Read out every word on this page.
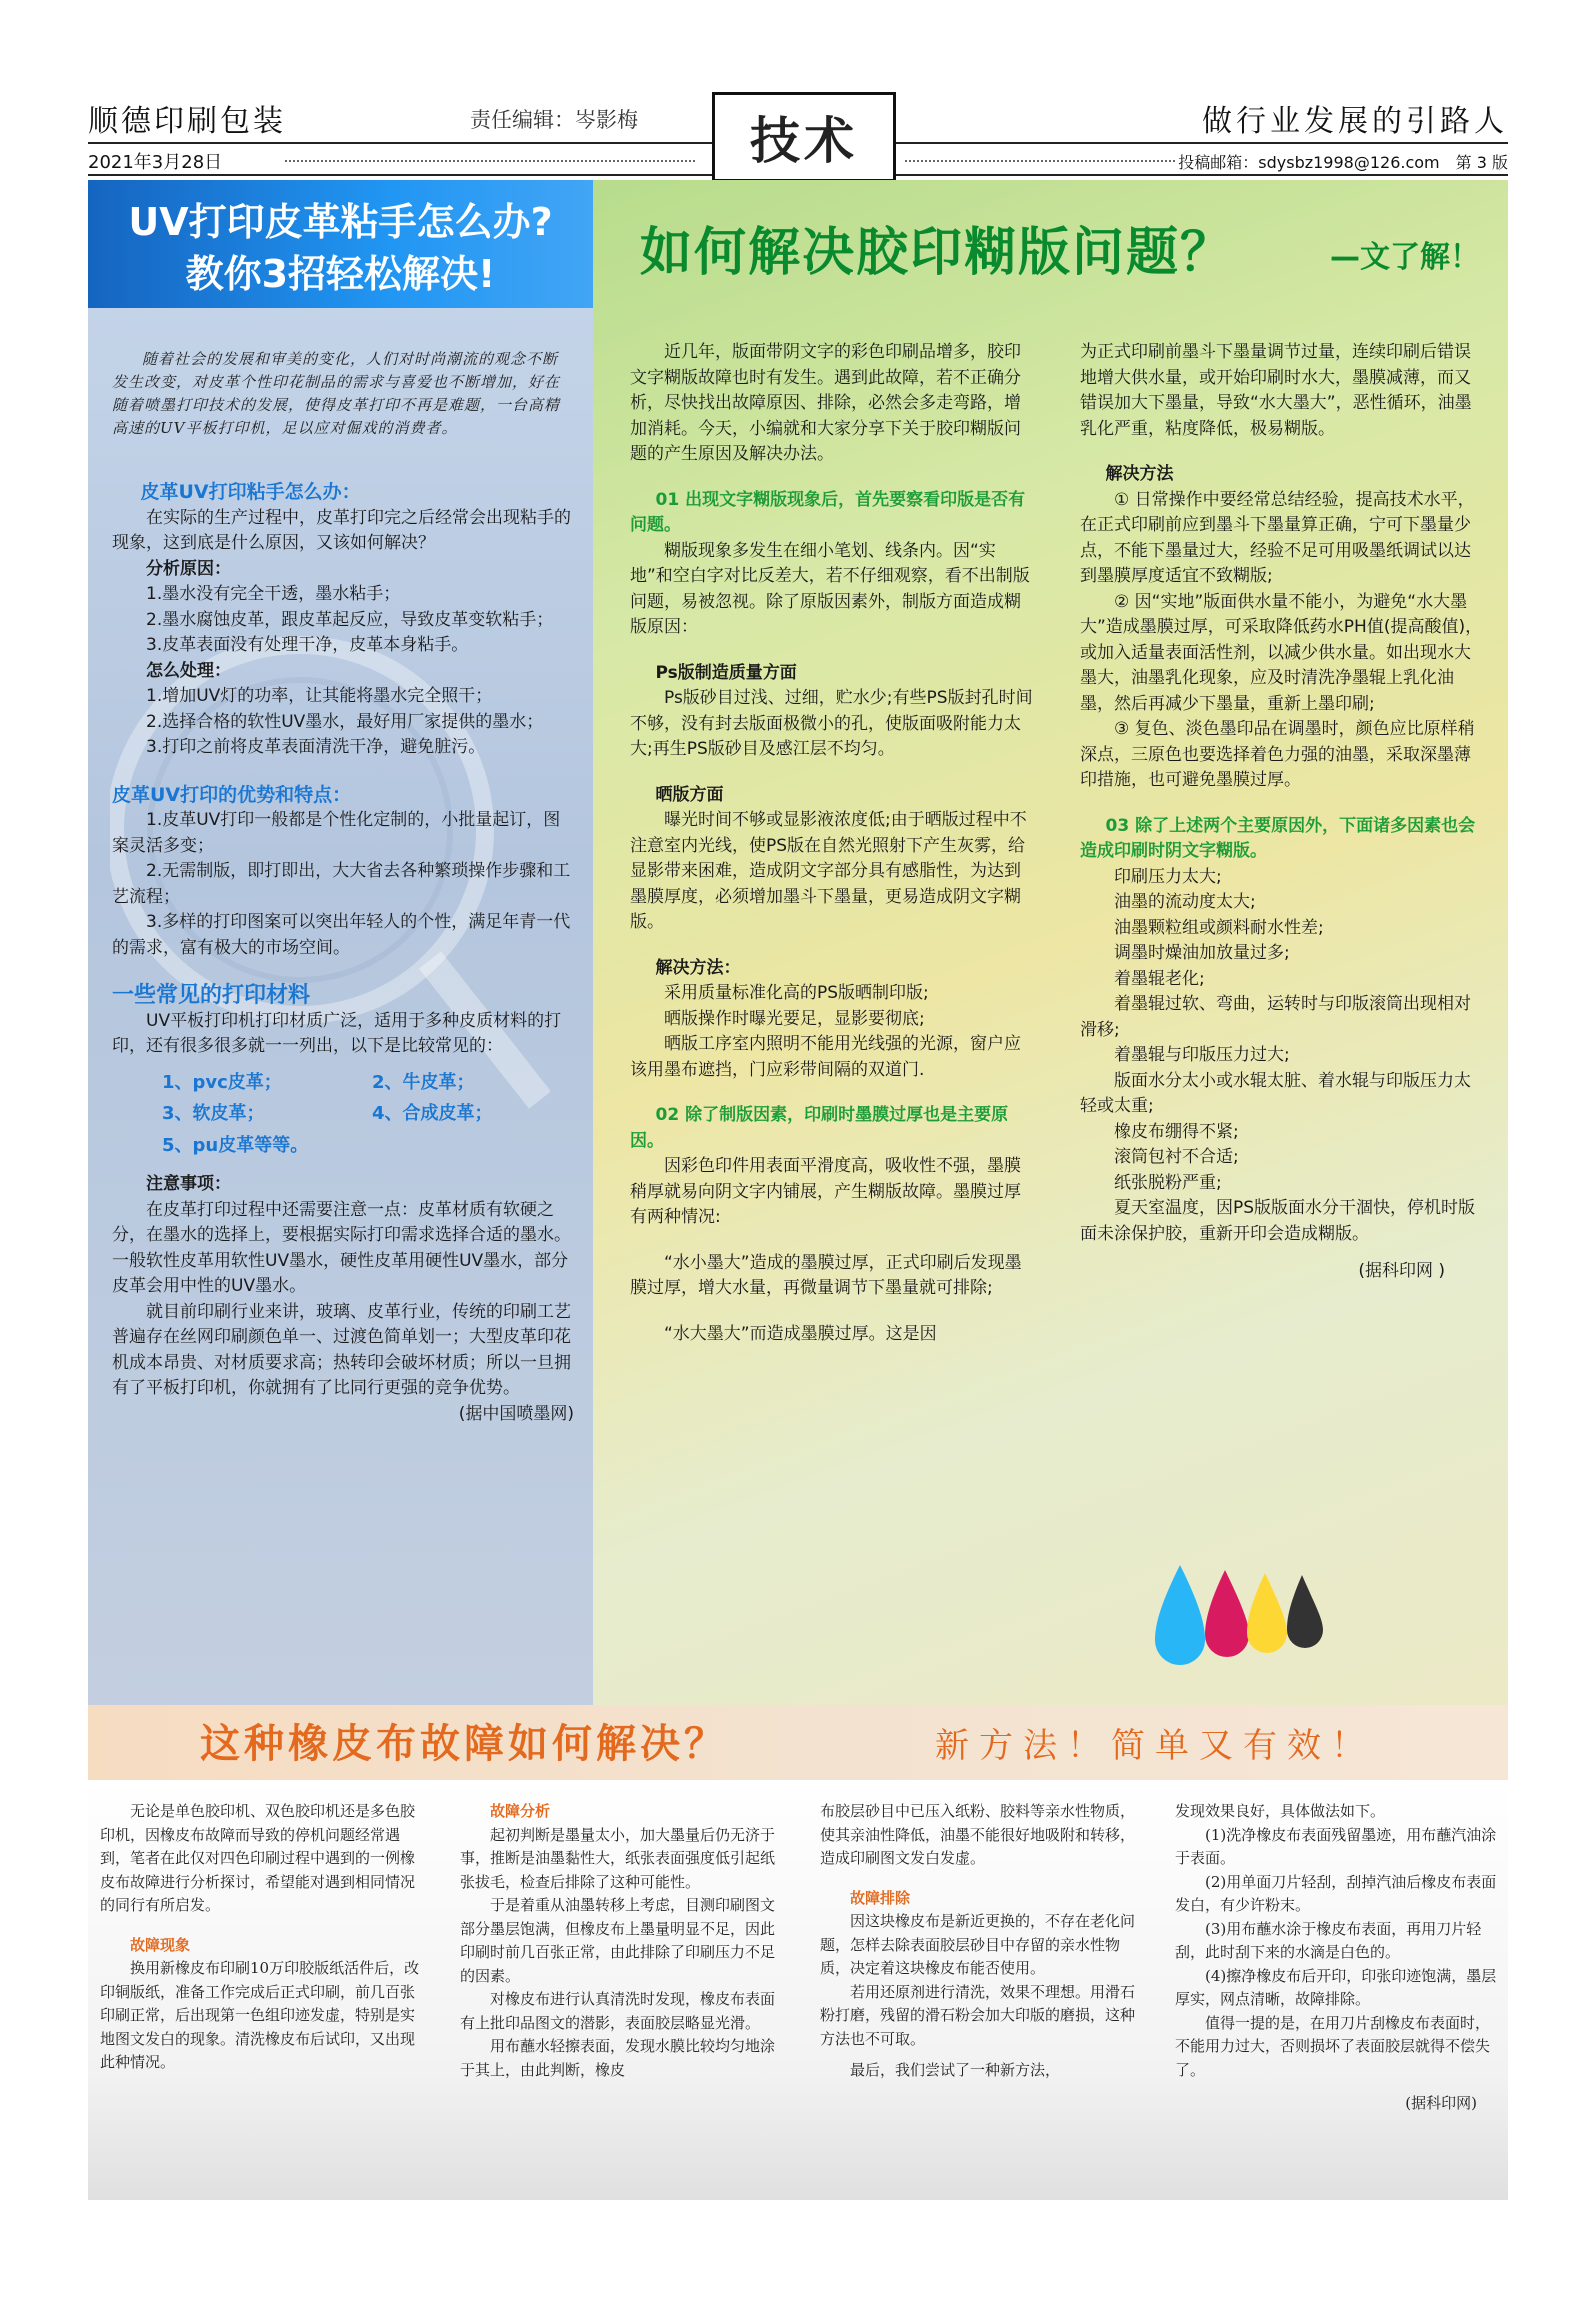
顺德印刷包装	责任编辑：岑影梅	做行业发展的引路人
2021年3月28日	投稿邮箱：sdysbz1998@126.com　第 3 版
技术
UV打印皮革粘手怎么办?
教你3招轻松解决!
随着社会的发展和审美的变化，人们对时尚潮流的观念不断发生改变，对皮革个性印花制品的需求与喜爱也不断增加，好在随着喷墨打印技术的发展，使得皮革打印不再是难题，一台高精高速的UV平板打印机，足以应对倔戏的消费者。

皮革UV打印粘手怎么办：

在实际的生产过程中，皮革打印完之后经常会出现粘手的现象，这到底是什么原因，又该如何解决？

分析原因：

1.墨水没有完全干透，墨水粘手；

2.墨水腐蚀皮革，跟皮革起反应，导致皮革变软粘手；

3.皮革表面没有处理干净，皮革本身粘手。

怎么处理：

1.增加UV灯的功率，让其能将墨水完全照干；

2.选择合格的软性UV墨水，最好用厂家提供的墨水；

3.打印之前将皮革表面清洗干净，避免脏污。

皮革UV打印的优势和特点：

1.皮革UV打印一般都是个性化定制的，小批量起订，图案灵活多变；

2.无需制版，即打即出，大大省去各种繁琐操作步骤和工艺流程；

3.多样的打印图案可以突出年轻人的个性，满足年青一代的需求，富有极大的市场空间。

一些常见的打印材料

UV平板打印机打印材质广泛，适用于多种皮质材料的打印，还有很多很多就一一列出，以下是比较常见的：

1、pvc皮革；	2、牛皮革；
3、软皮革；	4、合成皮革；
5、pu皮革等等。

注意事项：

在皮革打印过程中还需要注意一点：皮革材质有软硬之分，在墨水的选择上，要根据实际打印需求选择合适的墨水。一般软性皮革用软性UV墨水，硬性皮革用硬性UV墨水，部分皮革会用中性的UV墨水。

就目前印刷行业来讲，玻璃、皮革行业，传统的印刷工艺普遍存在丝网印刷颜色单一、过渡色简单划一；大型皮革印花机成本昂贵、对材质要求高；热转印会破坏材质；所以一旦拥有了平板打印机，你就拥有了比同行更强的竞争优势。

(据中国喷墨网)

如何解决胶印糊版问题？	—文了解！

近几年，版面带阴文字的彩色印刷品增多，胶印文字糊版故障也时有发生。遇到此故障，若不正确分析，尽快找出故障原因、排除，必然会多走弯路，增加消耗。今天，小编就和大家分享下关于胶印糊版问题的产生原因及解决办法。

01 出现文字糊版现象后，首先要察看印版是否有问题。

糊版现象多发生在细小笔划、线条内。因“实地”和空白字对比反差大，若不仔细观察，看不出制版问题，易被忽视。除了原版因素外，制版方面造成糊版原因：

Ps版制造质量方面

Ps版砂目过浅、过细，贮水少;有些PS版封孔时间不够，没有封去版面极微小的孔，使版面吸附能力太大;再生PS版砂目及感江层不均匀。

晒版方面

曝光时间不够或显影液浓度低;由于晒版过程中不注意室内光线，使PS版在自然光照射下产生灰雾，给显影带来困难，造成阴文字部分具有感脂性，为达到墨膜厚度，必须增加墨斗下墨量，更易造成阴文字糊版。

解决方法：

采用质量标准化高的PS版晒制印版;

晒版操作时曝光要足，显影要彻底;

晒版工序室内照明不能用光线强的光源，窗户应该用墨布遮挡，门应彩带间隔的双道门.

02 除了制版因素，印刷时墨膜过厚也是主要原因。

因彩色印件用表面平滑度高，吸收性不强，墨膜稍厚就易向阴文字内铺展，产生糊版故障。墨膜过厚有两种情况:

“水小墨大”造成的墨膜过厚，正式印刷后发现墨膜过厚，增大水量，再微量调节下墨量就可排除;

“水大墨大”而造成墨膜过厚。这是因

为正式印刷前墨斗下墨量调节过量，连续印刷后错误地增大供水量，或开始印刷时水大，墨膜减薄，而又错误加大下墨量，导致“水大墨大”，恶性循环，油墨乳化严重，粘度降低，极易糊版。

解决方法

① 日常操作中要经常总结经验，提高技术水平，在正式印刷前应到墨斗下墨量算正确，宁可下墨量少点，不能下墨量过大，经验不足可用吸墨纸调试以达到墨膜厚度适宜不致糊版;

② 因“实地”版面供水量不能小，为避免“水大墨大”造成墨膜过厚，可采取降低药水PH值(提高酸值)，或加入适量表面活性剂，以减少供水量。如出现水大墨大，油墨乳化现象，应及时清洗净墨辊上乳化油墨，然后再减少下墨量，重新上墨印刷;

③ 复色、淡色墨印品在调墨时，颜色应比原样稍深点，三原色也要选择着色力强的油墨，采取深墨薄印措施，也可避免墨膜过厚。

03 除了上述两个主要原因外，下面诸多因素也会造成印刷时阴文字糊版。

印刷压力太大;

油墨的流动度太大;

油墨颗粒组或颜料耐水性差;

调墨时燥油加放量过多;

着墨辊老化;

着墨辊过软、弯曲，运转时与印版滚筒出现相对滑移;

着墨辊与印版压力过大;

版面水分太小或水辊太脏、着水辊与印版压力太轻或太重;

橡皮布绷得不紧;

滚筒包衬不合适;

纸张脱粉严重;

夏天室温度，因PS版版面水分干涸快，停机时版面未涂保护胶，重新开印会造成糊版。

(据科印网 )

这种橡皮布故障如何解决？	新方法！简单又有效！

无论是单色胶印机、双色胶印机还是多色胶印机，因橡皮布故障而导致的停机问题经常遇到，笔者在此仅对四色印刷过程中遇到的一例橡皮布故障进行分析探讨，希望能对遇到相同情况的同行有所启发。

故障现象

换用新橡皮布印刷10万印胶版纸活件后，改印铜版纸，准备工作完成后正式印刷，前几百张印刷正常，后出现第一色组印迹发虚，特别是实地图文发白的现象。清洗橡皮布后试印，又出现此种情况。

故障分析

起初判断是墨量太小，加大墨量后仍无济于事，推断是油墨黏性大，纸张表面强度低引起纸张拔毛，检查后排除了这种可能性。

于是着重从油墨转移上考虑，目测印刷图文部分墨层饱满，但橡皮布上墨量明显不足，因此印刷时前几百张正常，由此排除了印刷压力不足的因素。

对橡皮布进行认真清洗时发现，橡皮布表面有上批印品图文的潜影，表面胶层略显光滑。

用布蘸水轻擦表面，发现水膜比较均匀地涂于其上，由此判断，橡皮

布胶层砂目中已压入纸粉、胶料等亲水性物质，使其亲油性降低，油墨不能很好地吸附和转移，造成印刷图文发白发虚。

故障排除

因这块橡皮布是新近更换的，不存在老化问题，怎样去除表面胶层砂目中存留的亲水性物质，决定着这块橡皮布能否使用。

若用还原剂进行清洗，效果不理想。用滑石粉打磨，残留的滑石粉会加大印版的磨损，这种方法也不可取。

最后，我们尝试了一种新方法，

发现效果良好，具体做法如下。

(1)洗净橡皮布表面残留墨迹，用布蘸汽油涂于表面。

(2)用单面刀片轻刮，刮掉汽油后橡皮布表面发白，有少许粉末。

(3)用布蘸水涂于橡皮布表面，再用刀片轻刮，此时刮下来的水滴是白色的。

(4)擦净橡皮布后开印，印张印迹饱满，墨层厚实，网点清晰，故障排除。

值得一提的是，在用刀片刮橡皮布表面时，不能用力过大，否则损坏了表面胶层就得不偿失了。

(据科印网)
